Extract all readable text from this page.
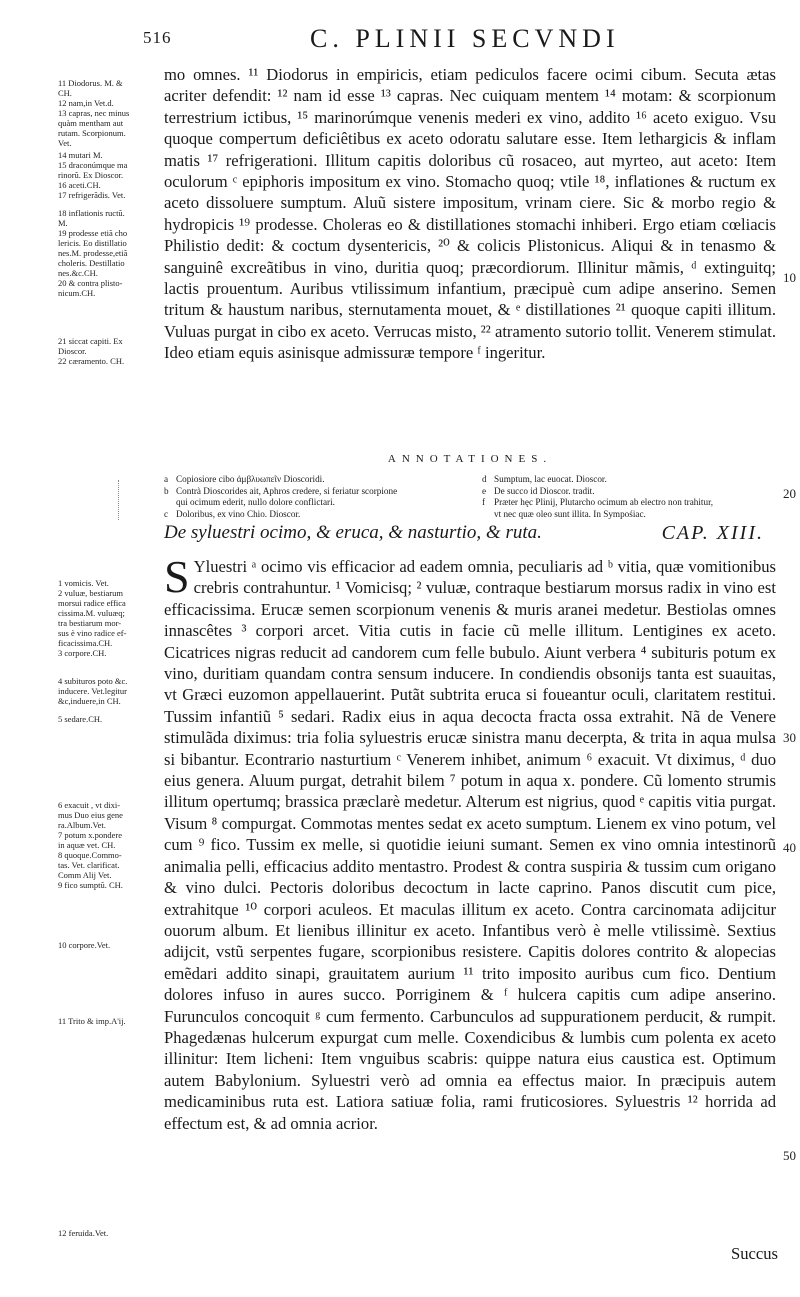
516	C. PLINII SECVNDI
11 Diodorus. M. &
CH.
12 nam,in Vet.d.
13 capras, nec minus
quàm mentham aut
rutam. Scorpionum.
Vet.
14 mutari M.
15 draconúmque ma
rinorũ. Ex Dioscor.
16 aceti.CH.
17 refrigerãdis. Vet.
18 inflationis ructũ.
M.
19 prodesse etiã cho
lericis. Eo distillatio
nes.M. prodesse,etiã
choleris. Destillatio
nes.&c.CH.
20 & contra plisto-
nicum.CH.
21 siccat capiti. Ex
Dioscor.
22 cæramento. CH.
1 vomicis. Vet.
2 vuluæ, bestiarum
morsui radice effica
cissima.M. vuluæq;
tra bestiarum mor-
sus è vino radice ef-
ficacissima.CH.
3 corpore.CH.
4 subituros poto &c.
inducere. Vet.legitur
&c,induere,in CH.
5 sedare.CH.
6 exacuit , vt dixi-
mus Duo eius gene
ra.Album.Vet.
7 potum x.pondere
in aquæ vet. CH.
8 quoque.Commo-
tas. Vet. clarificat.
Comm Alij Vet.
9 fico sumptũ. CH.
10 corpore.Vet.
11 Trito & imp.A'ij.
12 feruida.Vet.

mo omnes. ¹¹ Diodorus in empiricis, etiam pediculos facere ocimi cibum. Secuta ætas acriter defendit: ¹² nam id esse ¹³ capras. Nec cuiquam mentem ¹⁴ motam: & scorpionum terrestrium ictibus, ¹⁵ marinorúmque venenis mederi ex vino, addito ¹⁶ aceto exiguo. Vsu quoque comperτum deficiêtibus ex aceto odoratu salutare esse. Item lethargicis & inflam matis ¹⁷ refrigerationi. Illitum capitis doloribus cũ rosaceo, aut myrteo, aut aceto: Item oculorum ᶜ epiphoris impositum ex vino. Stomacho quoq; vtile ¹⁸, inflationes & ructum ex aceto dissoluere sumptum. Aluũ sistere impositum, vrinam ciere. Sic & morbo regio & hydropicis ¹⁹ prodesse. Choleras eo & distillationes stomachi inhiberi. Ergo etiam cœliacis Philistio dedit: & coctum dysentericis, ²⁰ & colicis Plistonicus. Aliqui & in tenasmo & sanguinê excreãtibus in vino, duritia quoq; præcordiorum. Illinitur mãmis, ᵈ extinguitq; lactis prouentum. Auribus vtilissimum infantium, præcipuè cum adipe anserino. Semen tritum & haustum naribus, sternutamenta mouet, & ᵉ distillationes ²¹ quoque capiti illitum. Vuluas purgat in cibo ex aceto. Verrucas mistο, ²² atramento sutorio tollit. Venerem stimulat. Ideo etiam equis asinisque admissuræ tempore ᶠ ingeritur.

ANNOTATIONES.
a Copiosiore cibo ἀμβλυωπεῖν Dioscoridi.
b Contrà Dioscorides ait, Aphros credere, si feriatur scorpione
qui ocimum ederit, nullo dolore conflictari.
c Doloribus, ex vino Chio. Dioscor.
d Sumptum, lac euocat. Dioscor.
e De succo id Dioscor. tradit.
f Præter hęc Plinij, Plutarcho ocimum ab electro non trahitur,
vt nec quæ oleo sunt illita. In Sympośiac.
De syluestri ocimo, & eruca, & nasturtio, & ruta.	CAP. XIII.

S Yluestri ᵃ ocimo vis efficacior ad eadem omnia, peculiaris ad ᵇ vitia, quæ vomitionibus crebris contrahuntur. ¹ Vomicisq; ² vuluæ, contraque bestiarum morsus radix in vino est efficacissima. Erucæ semen scorpionum venenis & muris aranei medetur. Bestiolas omnes innascêtes ³ corpori arcet. Vitia cutis in facie cũ melle illitum. Lentigines ex aceto. Cicatrices nigras reducit ad candorem cum felle bubulo. Aiunt verbera ⁴ subituris potum ex vino, duritiam quandam contra sensum inducere. In condiendis obsonijs tanta est suauitas, vt Græci euzomon appellauerint. Putãt subtrita eruca si foueantur oculi, claritatem restitui. Tussim infantiũ ⁵ sedari. Radix eius in aqua decocta fracta ossa extrahit. Nã de Venere stimulãda diximus: tria folia syluestris erucæ sinistra manu decerpta, & trita in aqua mulsa si bibantur. Econtrario nasturtium ᶜ Venerem inhibet, animum ⁶ exacuit. Vt diximus, ᵈ duo eius genera. Aluum purgat, detrahit bilem ⁷ potum in aqua x. pondere. Cũ lomento strumis illitum opertumq; brassica præclarè medetur. Alterum est nigrius, quod ᵉ capitis vitia purgat. Visum ⁸ compurgat. Commotas mentes sedat ex aceto sumptum. Lienem ex vino potum, vel cum ⁹ fico. Tussim ex melle, si quotidie ieiuni sumant. Semen ex vino omnia intestinorũ animalia pelli, efficacius addito mentastro. Prodest & contra suspiria & tussim cum origano & vino dulci. Pectoris doloribus decoctum in lacte caprino. Panos discutit cum pice, extrahitque ¹⁰ corpori aculeos. Et maculas illitum ex aceto. Contra carcinomata adijcitur ouorum album. Et lienibus illinitur ex aceto. Infantibus verò è melle vtilissimè. Sextius adijcit, vstũ serpentes fugare, scorpionibus resistere. Capitis dolores contrito & alopecias emẽdari addito sinapi, grauitatem aurium ¹¹ trito imposito auribus cum fico. Dentium dolores infuso in aures succo. Porriginem & ᶠ hulcera capitis cum adipe anserino. Furunculos concoquit ᵍ cum fermento. Carbunculos ad suppurationem perducit, & rumpit. Phagedænas hulcerum expurgat cum melle. Coxendicibus & lumbis cum polenta ex aceto illinitur: Item licheni: Item vnguibus scabris: quippe natura eius caustica est. Optimum autem Babylonium. Syluestri verò ad omnia ea effectus maior. In præcipuis autem medicaminibus ruta est. Latiora satiuæ folia, rami fruticosiores. Syluestris ¹² horrida ad effectum est, & ad omnia acrior.

10
20
30
40
50
Succus
